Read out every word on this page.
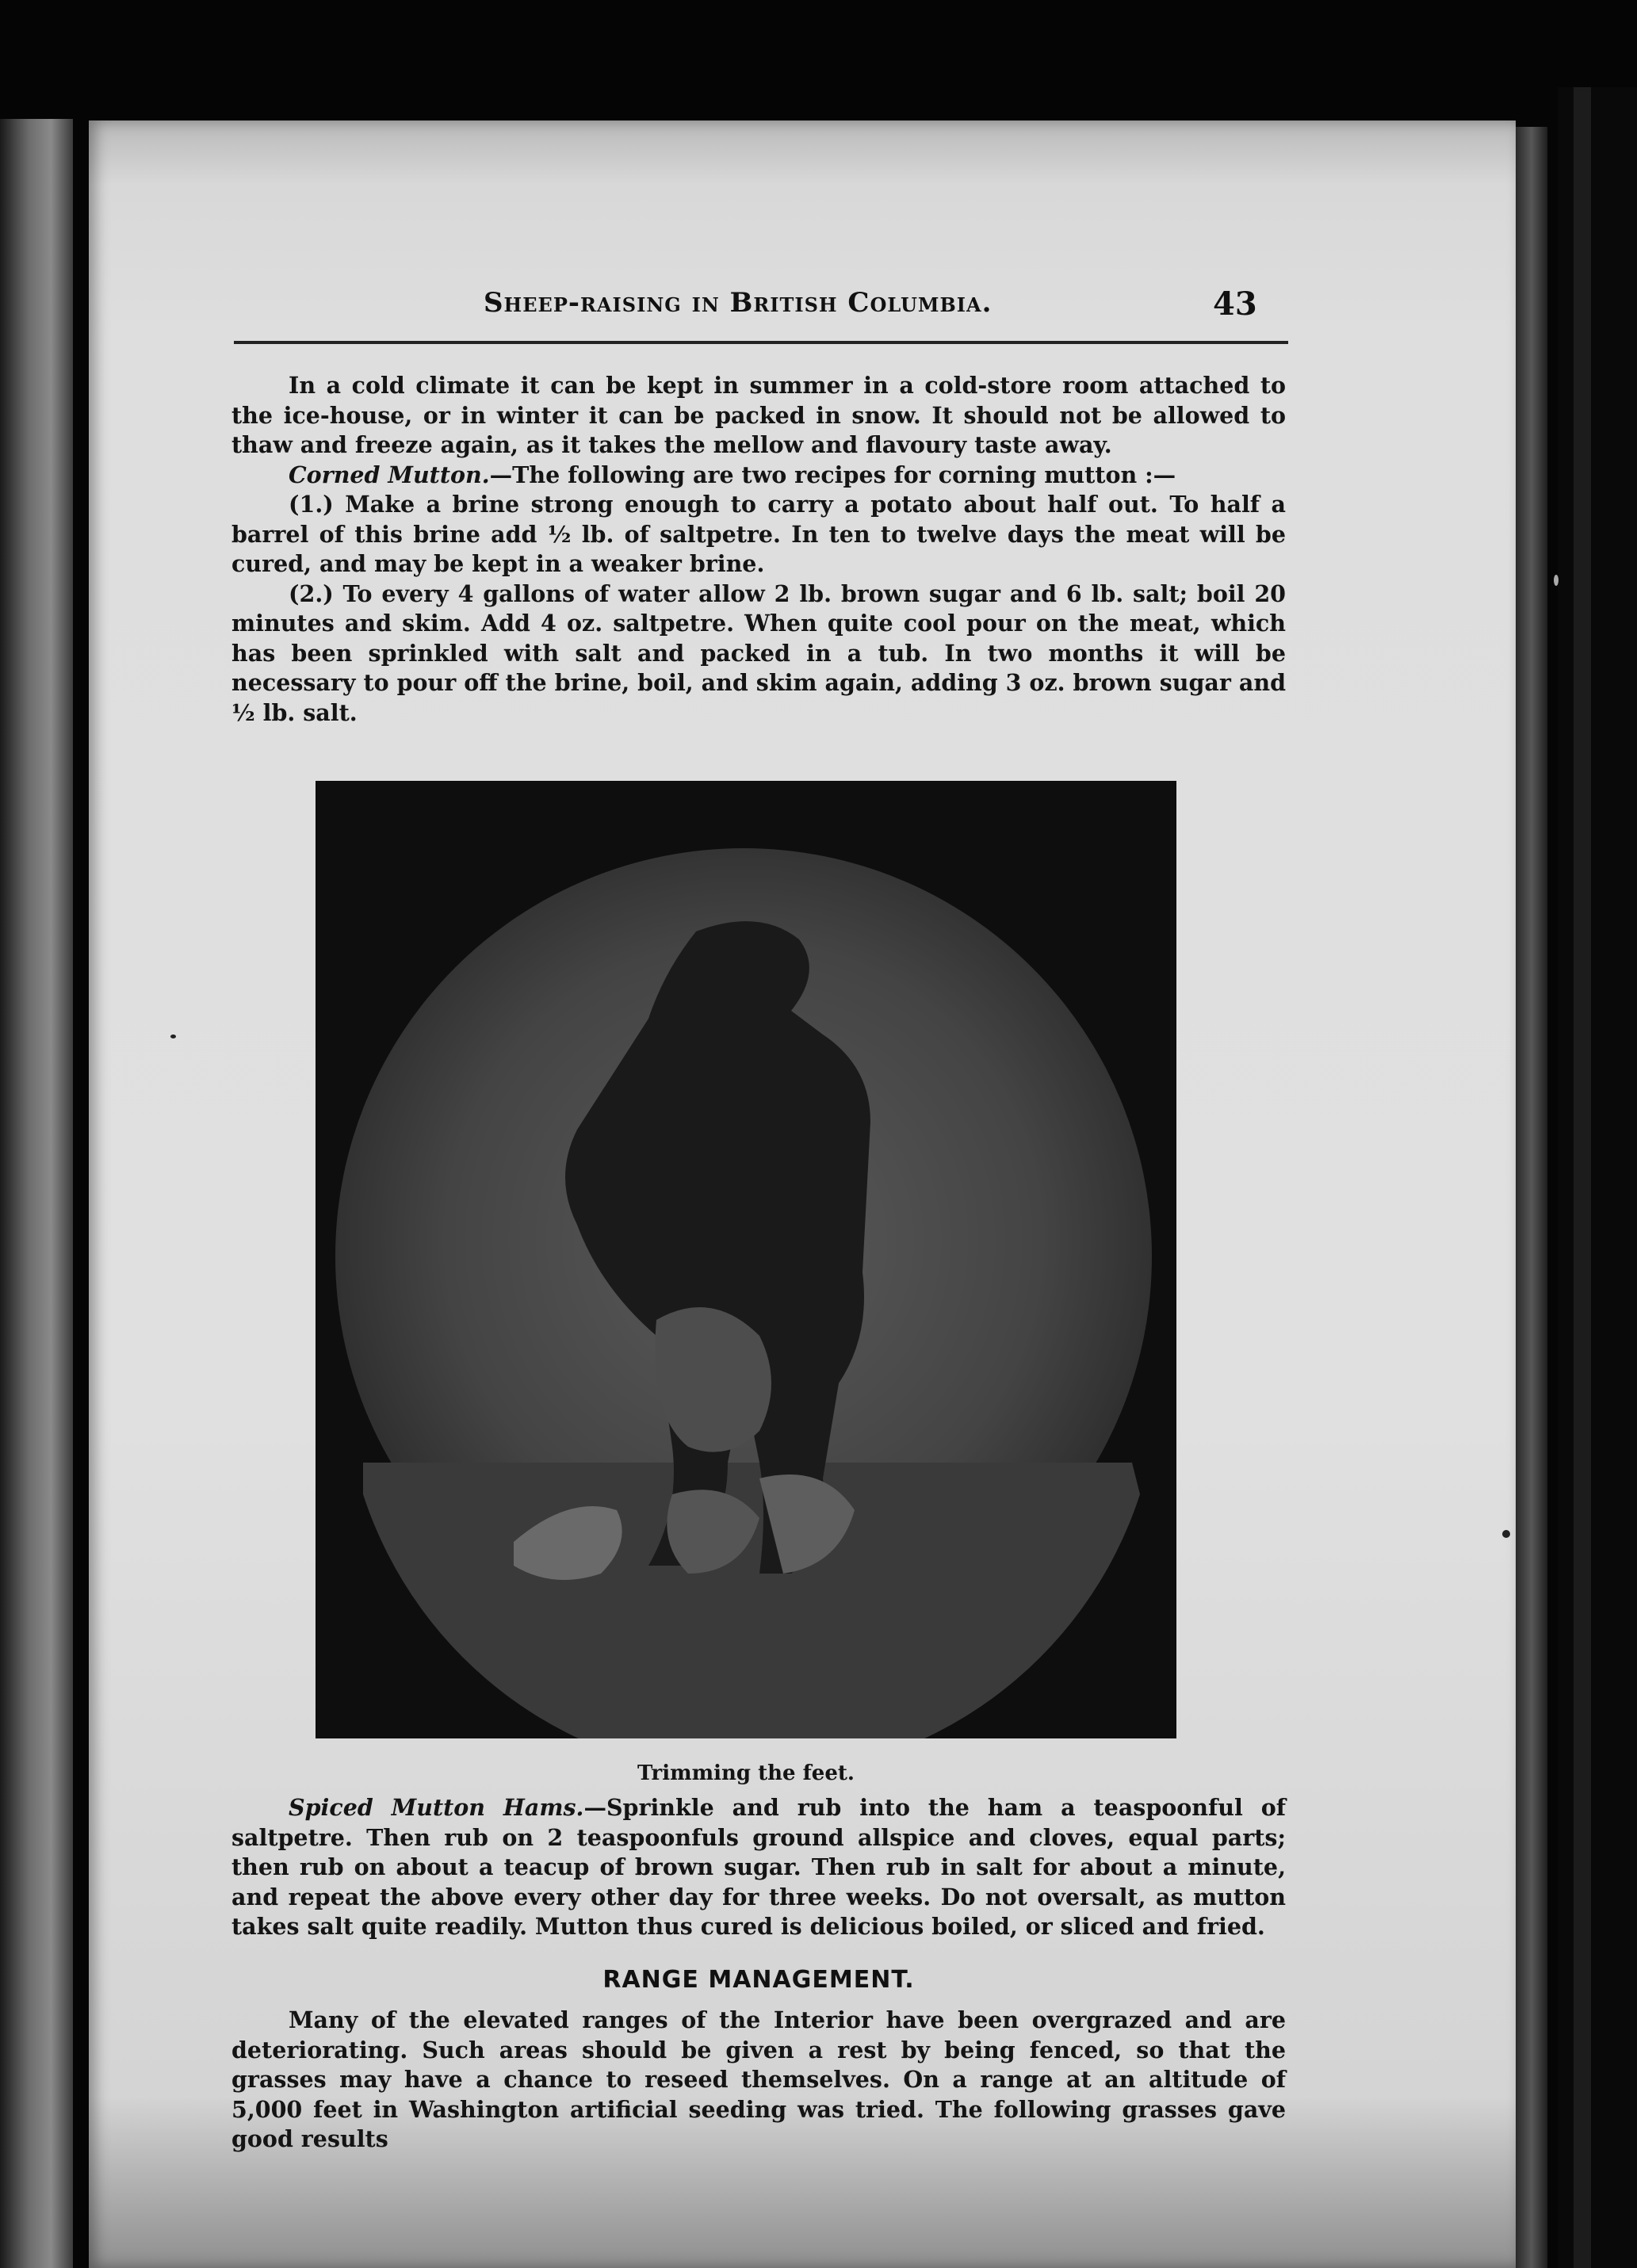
Sheep-raising in British Columbia.	43

In a cold climate it can be kept in summer in a cold-store room attached to the ice-house, or in winter it can be packed in snow. It should not be allowed to thaw and freeze again, as it takes the mellow and flavoury taste away.

Corned Mutton.—The following are two recipes for corning mutton :—

(1.) Make a brine strong enough to carry a potato about half out. To half a barrel of this brine add ½ lb. of saltpetre. In ten to twelve days the meat will be cured, and may be kept in a weaker brine.

(2.) To every 4 gallons of water allow 2 lb. brown sugar and 6 lb. salt; boil 20 minutes and skim. Add 4 oz. saltpetre. When quite cool pour on the meat, which has been sprinkled with salt and packed in a tub. In two months it will be necessary to pour off the brine, boil, and skim again, adding 3 oz. brown sugar and ½ lb. salt.

Trimming the feet.

Spiced Mutton Hams.—Sprinkle and rub into the ham a teaspoonful of saltpetre. Then rub on 2 teaspoonfuls ground allspice and cloves, equal parts; then rub on about a teacup of brown sugar. Then rub in salt for about a minute, and repeat the above every other day for three weeks. Do not oversalt, as mutton takes salt quite readily. Mutton thus cured is delicious boiled, or sliced and fried.

RANGE MANAGEMENT.

Many of the elevated ranges of the Interior have been overgrazed and are deteriorating. Such areas should be given a rest by being fenced, so that the grasses may have a chance to reseed themselves. On a range at an altitude of 5,000 feet in Washington artificial seeding was tried. The following grasses gave good results
